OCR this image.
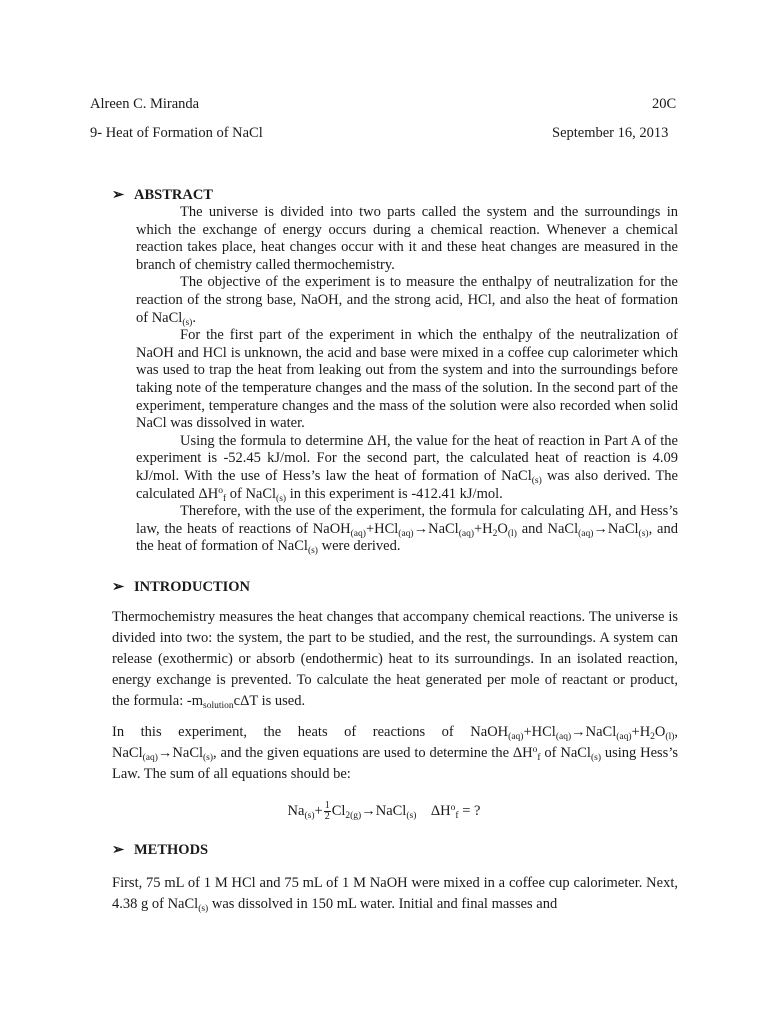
Alreen C. Miranda	20C
9- Heat of Formation of NaCl	September 16, 2013
➢ ABSTRACT

The universe is divided into two parts called the system and the surroundings in which the exchange of energy occurs during a chemical reaction. Whenever a chemical reaction takes place, heat changes occur with it and these heat changes are measured in the branch of chemistry called thermochemistry.

The objective of the experiment is to measure the enthalpy of neutralization for the reaction of the strong base, NaOH, and the strong acid, HCl, and also the heat of formation of NaCl$_{(s)}$.

For the first part of the experiment in which the enthalpy of the neutralization of NaOH and HCl is unknown, the acid and base were mixed in a coffee cup calorimeter which was used to trap the heat from leaking out from the system and into the surroundings before taking note of the temperature changes and the mass of the solution. In the second part of the experiment, temperature changes and the mass of the solution were also recorded when solid NaCl was dissolved in water.

Using the formula to determine ΔH, the value for the heat of reaction in Part A of the experiment is -52.45 kJ/mol. For the second part, the calculated heat of reaction is 4.09 kJ/mol. With the use of Hess’s law the heat of formation of NaCl$_{(s)}$ was also derived. The calculated $\Delta H^o_f$ of NaCl$_{(s)}$ in this experiment is -412.41 kJ/mol.

Therefore, with the use of the experiment, the formula for calculating ΔH, and Hess’s law, the heats of reactions of $NaOH_{(aq)}+HCl_{(aq)}\to NaCl_{(aq)}+H_2O_{(l)}$ and NaCl$_{(aq)}$→NaCl$_{(s)}$, and the heat of formation of NaCl$_{(s)}$ were derived.

➢ INTRODUCTION

Thermochemistry measures the heat changes that accompany chemical reactions. The universe is divided into two: the system, the part to be studied, and the rest, the surroundings. A system can release (exothermic) or absorb (endothermic) heat to its surroundings. In an isolated reaction, energy exchange is prevented. To calculate the heat generated per mole of reactant or product, the formula: $-m_{solution}c\Delta T$ is used.

In this experiment, the heats of reactions of $NaOH_{(aq)}+HCl_{(aq)}\to NaCl_{(aq)}+H_2O_{(l)}$, NaCl$_{(aq)}$→NaCl$_{(s)}$, and the given equations are used to determine the $\Delta H^o_f$ of NaCl$_{(s)}$ using Hess’s Law. The sum of all equations should be:

$Na_{(s)}+ \frac{1}{2}$ $Cl_{2(g)}\to NaCl_{(s)}$    $\Delta H^o_f$ = ?
➢ METHODS

First, 75 mL of 1 M HCl and 75 mL of 1 M NaOH were mixed in a coffee cup calorimeter. Next, 4.38 g of NaCl$_{(s)}$ was dissolved in 150 mL water. Initial and final masses and
